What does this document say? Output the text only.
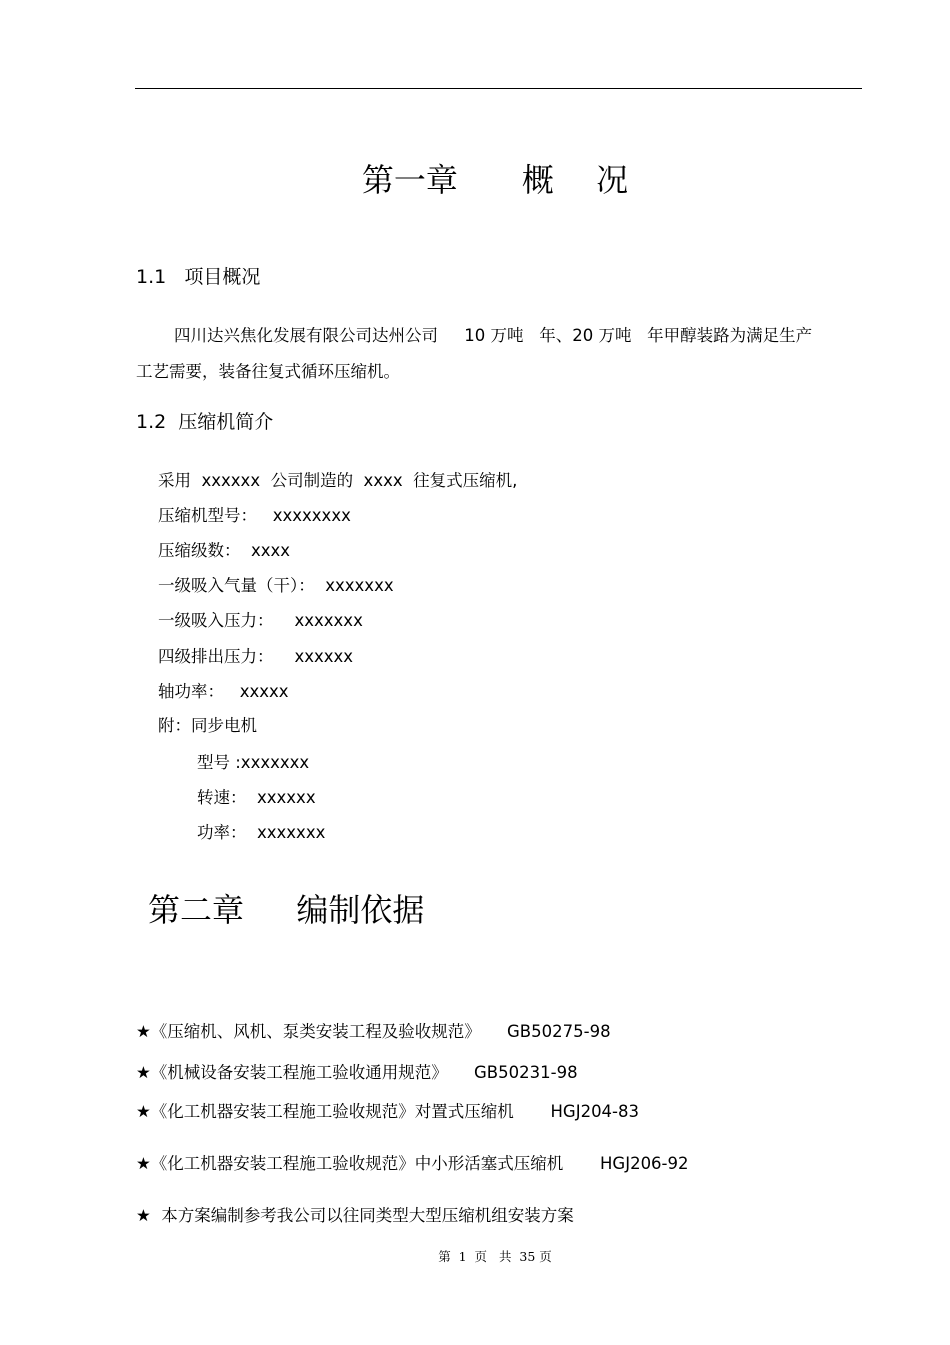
第一章　　概　 况
1.1   项目概况
四川达兴焦化发展有限公司达州公司     10 万吨   年、20 万吨   年甲醇装路为满足生产
工艺需要，装备往复式循环压缩机。
1.2  压缩机简介
采用  xxxxxx  公司制造的  xxxx  往复式压缩机,
压缩机型号：   xxxxxxxx
压缩级数：  xxxx
一级吸入气量（干）：  xxxxxxx
一级吸入压力：    xxxxxxx
四级排出压力：    xxxxxx
轴功率：   xxxxx
附：同步电机
型号 :xxxxxxx
转速：  xxxxxx
功率：  xxxxxxx
第二章　  编制依据
★《压缩机、风机、泵类安装工程及验收规范》     GB50275-98
★《机械设备安装工程施工验收通用规范》     GB50231-98
★《化工机器安装工程施工验收规范》对置式压缩机       HGJ204-83
★《化工机器安装工程施工验收规范》中小形活塞式压缩机       HGJ206-92
★  本方案编制参考我公司以往同类型大型压缩机组安装方案
第  1  页   共  35 页
